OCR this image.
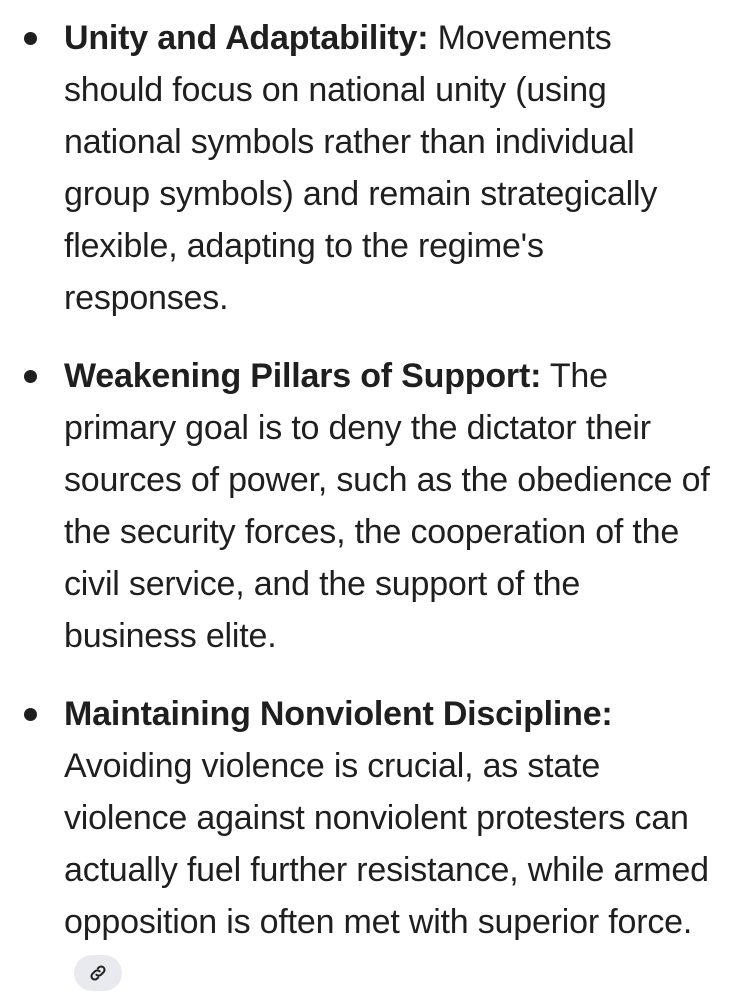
Unity and Adaptability: Movements should focus on national unity (using national symbols rather than individual group symbols) and remain strategically flexible, adapting to the regime's responses.
Weakening Pillars of Support: The primary goal is to deny the dictator their sources of power, such as the obedience of the security forces, the cooperation of the civil service, and the support of the business elite.
Maintaining Nonviolent Discipline: Avoiding violence is crucial, as state violence against nonviolent protesters can actually fuel further resistance, while armed opposition is often met with superior force.
